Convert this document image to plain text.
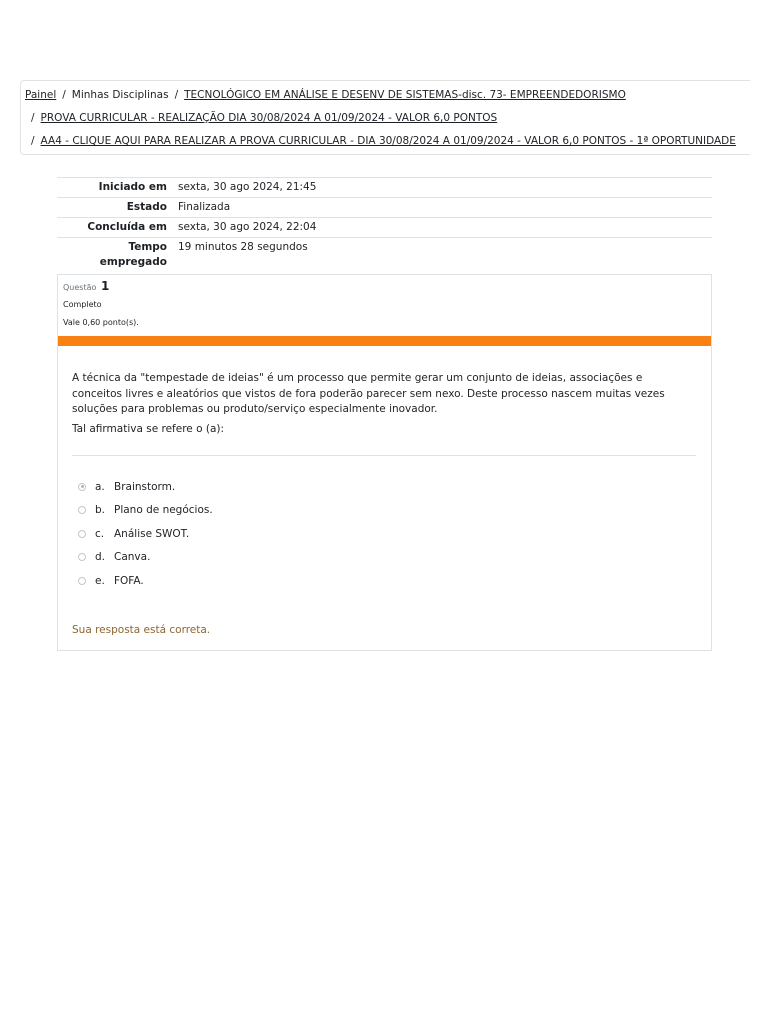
Painel / Minhas Disciplinas / TECNOLÓGICO EM ANÁLISE E DESENV DE SISTEMAS-disc. 73- EMPREENDEDORISMO
/ PROVA CURRICULAR - REALIZAÇÃO DIA 30/08/2024 A 01/09/2024 - VALOR 6,0 PONTOS
/ AA4 - CLIQUE AQUI PARA REALIZAR A PROVA CURRICULAR - DIA 30/08/2024 A 01/09/2024 - VALOR 6,0 PONTOS - 1ª OPORTUNIDADE
Iniciado em	sexta, 30 ago 2024, 21:45
Estado	Finalizada
Concluída em	sexta, 30 ago 2024, 22:04
Tempo empregado	19 minutos 28 segundos
Questão 1
Completo
Vale 0,60 ponto(s).
A técnica da "tempestade de ideias" é um processo que permite gerar um conjunto de ideias, associações e conceitos livres e aleatórios que vistos de fora poderão parecer sem nexo. Deste processo nascem muitas vezes soluções para problemas ou produto/serviço especialmente inovador.
Tal afirmativa se refere o (a):
a. Brainstorm.
b. Plano de negócios.
c. Análise SWOT.
d. Canva.
e. FOFA.
Sua resposta está correta.
